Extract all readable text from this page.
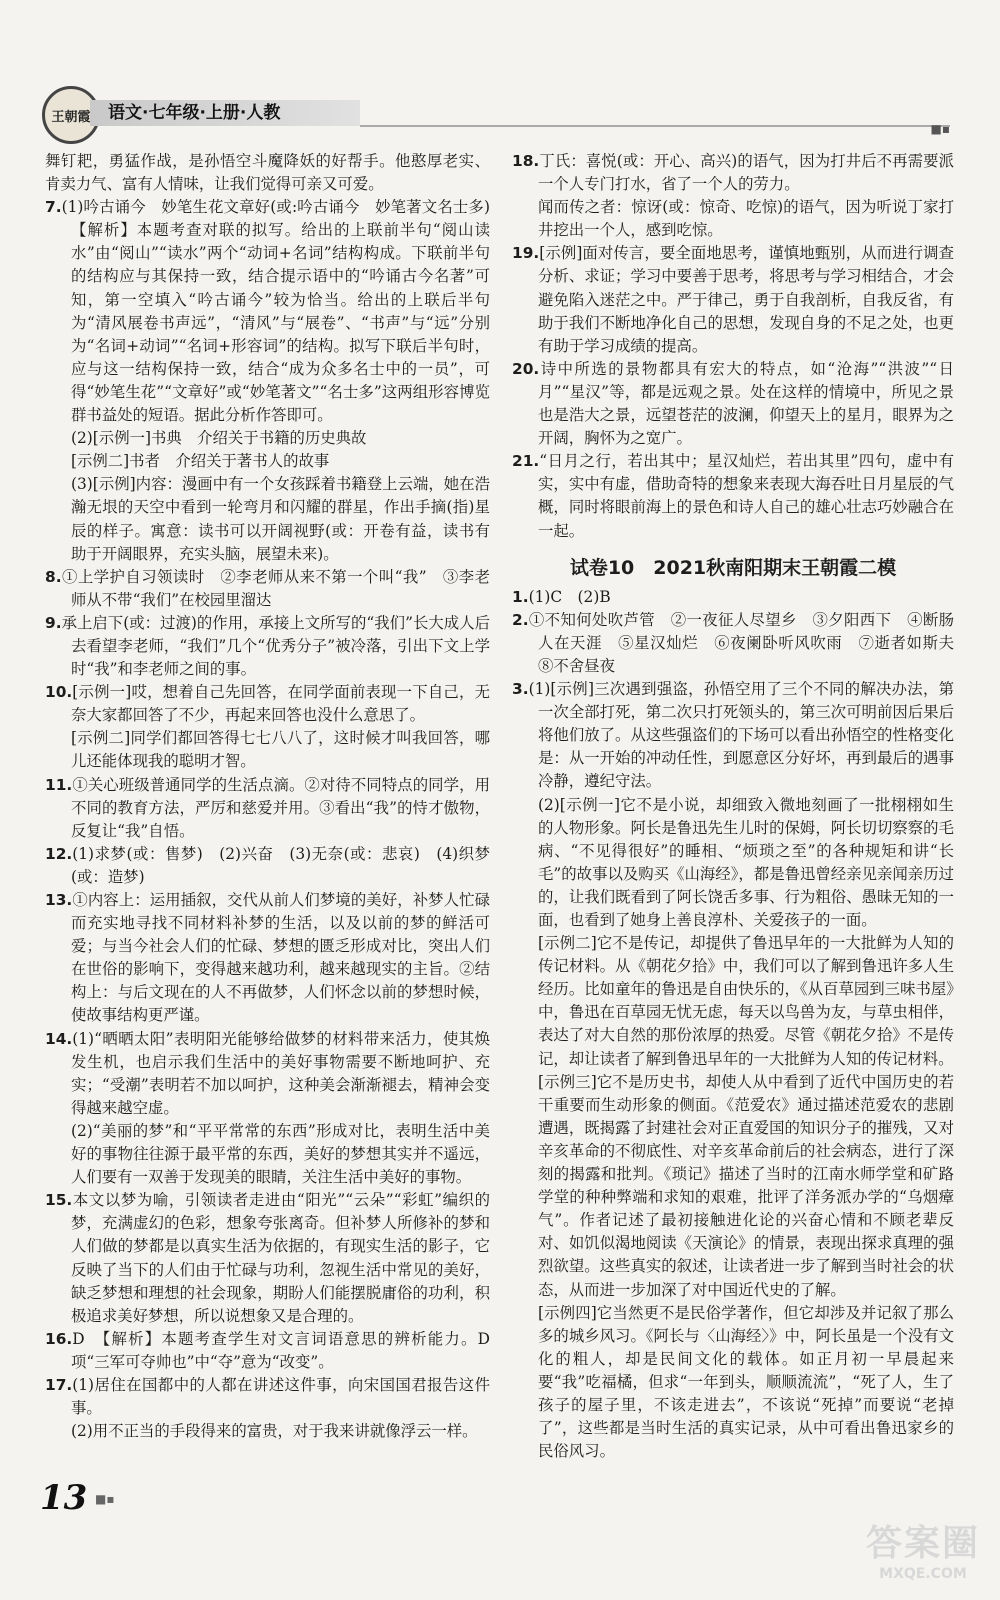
王朝霞	语文·七年级·上册·人教
■▪

舞钉耙，勇猛作战，是孙悟空斗魔降妖的好帮手。他憨厚老实、肯卖力气、富有人情味，让我们觉得可亲又可爱。

7.(1)吟古诵今　妙笔生花文章好(或:吟古诵今　妙笔著文名士多)【解析】本题考查对联的拟写。给出的上联前半句“阅山读水”由“阅山”“读水”两个“动词+名词”结构构成。下联前半句的结构应与其保持一致，结合提示语中的“吟诵古今名著”可知，第一空填入“吟古诵今”较为恰当。给出的上联后半句为“清风展卷书声远”，“清风”与“展卷”、“书声”与“远”分别为“名词+动词”“名词+形容词”的结构。拟写下联后半句时，应与这一结构保持一致，结合“成为众多名士中的一员”，可得“妙笔生花”“文章好”或“妙笔著文”“名士多”这两组形容博览群书益处的短语。据此分析作答即可。

(2)[示例一]书典　介绍关于书籍的历史典故

[示例二]书者　介绍关于著书人的故事

(3)[示例]内容：漫画中有一个女孩踩着书籍登上云端，她在浩瀚无垠的天空中看到一轮弯月和闪耀的群星，作出手摘(指)星辰的样子。寓意：读书可以开阔视野(或：开卷有益，读书有助于开阔眼界，充实头脑，展望未来)。

8.①上学护自习领读时　②李老师从来不第一个叫“我”　③李老师从不带“我们”在校园里溜达

9.承上启下(或：过渡)的作用，承接上文所写的“我们”长大成人后去看望李老师，“我们”几个“优秀分子”被冷落，引出下文上学时“我”和李老师之间的事。

10.[示例一]哎，想着自己先回答，在同学面前表现一下自己，无奈大家都回答了不少，再起来回答也没什么意思了。

[示例二]同学们都回答得七七八八了，这时候才叫我回答，哪儿还能体现我的聪明才智。

11.①关心班级普通同学的生活点滴。②对待不同特点的同学，用不同的教育方法，严厉和慈爱并用。③看出“我”的恃才傲物，反复让“我”自悟。

12.(1)求梦(或：售梦)　(2)兴奋　(3)无奈(或：悲哀)　(4)织梦(或：造梦)

13.①内容上：运用插叙，交代从前人们梦境的美好，补梦人忙碌而充实地寻找不同材料补梦的生活，以及以前的梦的鲜活可爱；与当今社会人们的忙碌、梦想的匮乏形成对比，突出人们在世俗的影响下，变得越来越功利，越来越现实的主旨。②结构上：与后文现在的人不再做梦，人们怀念以前的梦想时候，使故事结构更严谨。

14.(1)“晒晒太阳”表明阳光能够给做梦的材料带来活力，使其焕发生机，也启示我们生活中的美好事物需要不断地呵护、充实；“受潮”表明若不加以呵护，这种美会渐渐褪去，精神会变得越来越空虚。

(2)“美丽的梦”和“平平常常的东西”形成对比，表明生活中美好的事物往往源于最平常的东西，美好的梦想其实并不遥远，人们要有一双善于发现美的眼睛，关注生活中美好的事物。

15.本文以梦为喻，引领读者走进由“阳光”“云朵”“彩虹”编织的梦，充满虚幻的色彩，想象夸张离奇。但补梦人所修补的梦和人们做的梦都是以真实生活为依据的，有现实生活的影子，它反映了当下的人们由于忙碌与功利，忽视生活中常见的美好，缺乏梦想和理想的社会现象，期盼人们能摆脱庸俗的功利，积极追求美好梦想，所以说想象又是合理的。

16.D　【解析】本题考查学生对文言词语意思的辨析能力。D项“三军可夺帅也”中“夺”意为“改变”。

17.(1)居住在国都中的人都在讲述这件事，向宋国国君报告这件事。

(2)用不正当的手段得来的富贵，对于我来讲就像浮云一样。

18.丁氏：喜悦(或：开心、高兴)的语气，因为打井后不再需要派一个人专门打水，省了一个人的劳力。

闻而传之者：惊讶(或：惊奇、吃惊)的语气，因为听说丁家打井挖出一个人，感到吃惊。

19.[示例]面对传言，要全面地思考，谨慎地甄别，从而进行调查分析、求证；学习中要善于思考，将思考与学习相结合，才会避免陷入迷茫之中。严于律己，勇于自我剖析，自我反省，有助于我们不断地净化自己的思想，发现自身的不足之处，也更有助于学习成绩的提高。

20.诗中所选的景物都具有宏大的特点，如“沧海”“洪波”“日月”“星汉”等，都是远观之景。处在这样的情境中，所见之景也是浩大之景，远望苍茫的波澜，仰望天上的星月，眼界为之开阔，胸怀为之宽广。

21.“日月之行，若出其中；星汉灿烂，若出其里”四句，虚中有实，实中有虚，借助奇特的想象来表现大海吞吐日月星辰的气概，同时将眼前海上的景色和诗人自己的雄心壮志巧妙融合在一起。

试卷10　2021秋南阳期末王朝霞二模

1.(1)C　(2)B

2.①不知何处吹芦管　②一夜征人尽望乡　③夕阳西下　④断肠人在天涯　⑤星汉灿烂　⑥夜阑卧听风吹雨　⑦逝者如斯夫　⑧不舍昼夜

3.(1)[示例]三次遇到强盗，孙悟空用了三个不同的解决办法，第一次全部打死，第二次只打死领头的，第三次可明前因后果后将他们放了。从这些强盗们的下场可以看出孙悟空的性格变化是：从一开始的冲动任性，到愿意区分好坏，再到最后的遇事冷静，遵纪守法。

(2)[示例一]它不是小说，却细致入微地刻画了一批栩栩如生的人物形象。阿长是鲁迅先生儿时的保姆，阿长切切察察的毛病、“不见得很好”的睡相、“烦琐之至”的各种规矩和讲“长毛”的故事以及购买《山海经》，都是鲁迅曾经亲见亲闻亲历过的，让我们既看到了阿长饶舌多事、行为粗俗、愚昧无知的一面，也看到了她身上善良淳朴、关爱孩子的一面。

[示例二]它不是传记，却提供了鲁迅早年的一大批鲜为人知的传记材料。从《朝花夕拾》中，我们可以了解到鲁迅许多人生经历。比如童年的鲁迅是自由快乐的，《从百草园到三味书屋》中，鲁迅在百草园无忧无虑，每天以鸟兽为友，与草虫相伴，表达了对大自然的那份浓厚的热爱。尽管《朝花夕拾》不是传记，却让读者了解到鲁迅早年的一大批鲜为人知的传记材料。

[示例三]它不是历史书，却使人从中看到了近代中国历史的若干重要而生动形象的侧面。《范爱农》通过描述范爱农的悲剧遭遇，既揭露了封建社会对正直爱国的知识分子的摧残，又对辛亥革命的不彻底性、对辛亥革命前后的社会病态，进行了深刻的揭露和批判。《琐记》描述了当时的江南水师学堂和矿路学堂的种种弊端和求知的艰难，批评了洋务派办学的“乌烟瘴气”。作者记述了最初接触进化论的兴奋心情和不顾老辈反对、如饥似渴地阅读《天演论》的情景，表现出探求真理的强烈欲望。这些真实的叙述，让读者进一步了解到当时社会的状态，从而进一步加深了对中国近代史的了解。

[示例四]它当然更不是民俗学著作，但它却涉及并记叙了那么多的城乡风习。《阿长与〈山海经〉》中，阿长虽是一个没有文化的粗人，却是民间文化的载体。如正月初一早晨起来要“我”吃福橘，但求“一年到头，顺顺流流”，“死了人，生了孩子的屋子里，不该走进去”，不该说“死掉”而要说“老掉了”，这些都是当时生活的真实记录，从中可看出鲁迅家乡的民俗风习。

13 ■▪
答案圈
MXQE.COM
